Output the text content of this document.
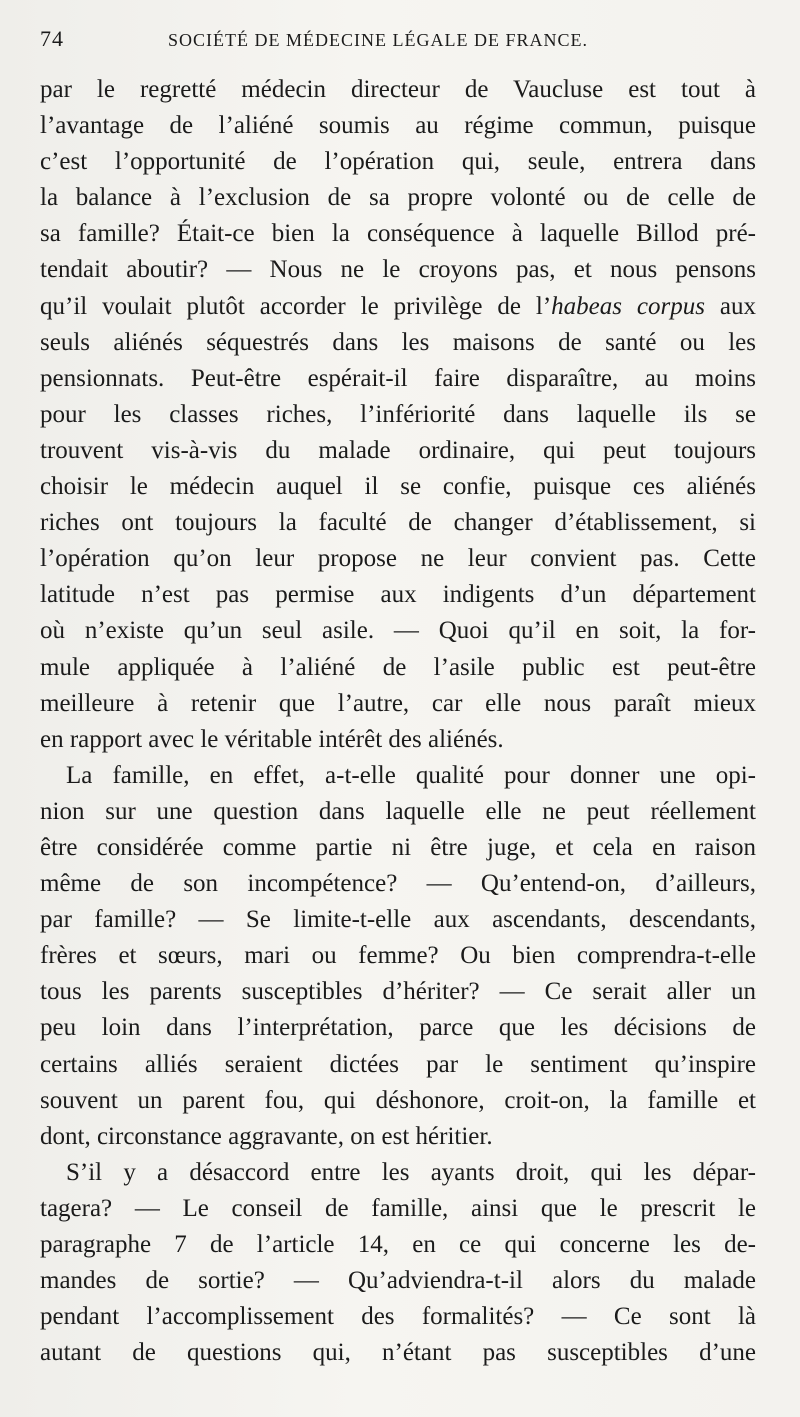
74	SOCIÉTÉ DE MÉDECINE LÉGALE DE FRANCE.

par le regretté médecin directeur de Vaucluse est tout à
l’avantage de l’aliéné soumis au régime commun, puisque
c’est l’opportunité de l’opération qui, seule, entrera dans
la balance à l’exclusion de sa propre volonté ou de celle de
sa famille? Était-ce bien la conséquence à laquelle Billod pré-
tendait aboutir? — Nous ne le croyons pas, et nous pensons
qu’il voulait plutôt accorder le privilège de l’habeas corpus aux
seuls aliénés séquestrés dans les maisons de santé ou les
pensionnats. Peut-être espérait-il faire disparaître, au moins
pour les classes riches, l’infériorité dans laquelle ils se
trouvent vis-à-vis du malade ordinaire, qui peut toujours
choisir le médecin auquel il se confie, puisque ces aliénés
riches ont toujours la faculté de changer d’établissement, si
l’opération qu’on leur propose ne leur convient pas. Cette
latitude n’est pas permise aux indigents d’un département
où n’existe qu’un seul asile. — Quoi qu’il en soit, la for-
mule appliquée à l’aliéné de l’asile public est peut-être
meilleure à retenir que l’autre, car elle nous paraît mieux
en rapport avec le véritable intérêt des aliénés.

La famille, en effet, a-t-elle qualité pour donner une opi-
nion sur une question dans laquelle elle ne peut réellement
être considérée comme partie ni être juge, et cela en raison
même de son incompétence? — Qu’entend-on, d’ailleurs,
par famille? — Se limite-t-elle aux ascendants, descendants,
frères et sœurs, mari ou femme? Ou bien comprendra-t-elle
tous les parents susceptibles d’hériter? — Ce serait aller un
peu loin dans l’interprétation, parce que les décisions de
certains alliés seraient dictées par le sentiment qu’inspire
souvent un parent fou, qui déshonore, croit-on, la famille et
dont, circonstance aggravante, on est héritier.

S’il y a désaccord entre les ayants droit, qui les dépar-
tagera? — Le conseil de famille, ainsi que le prescrit le
paragraphe 7 de l’article 14, en ce qui concerne les de-
mandes de sortie? — Qu’adviendra-t-il alors du malade
pendant l’accomplissement des formalités? — Ce sont là
autant de questions qui, n’étant pas susceptibles d’une
